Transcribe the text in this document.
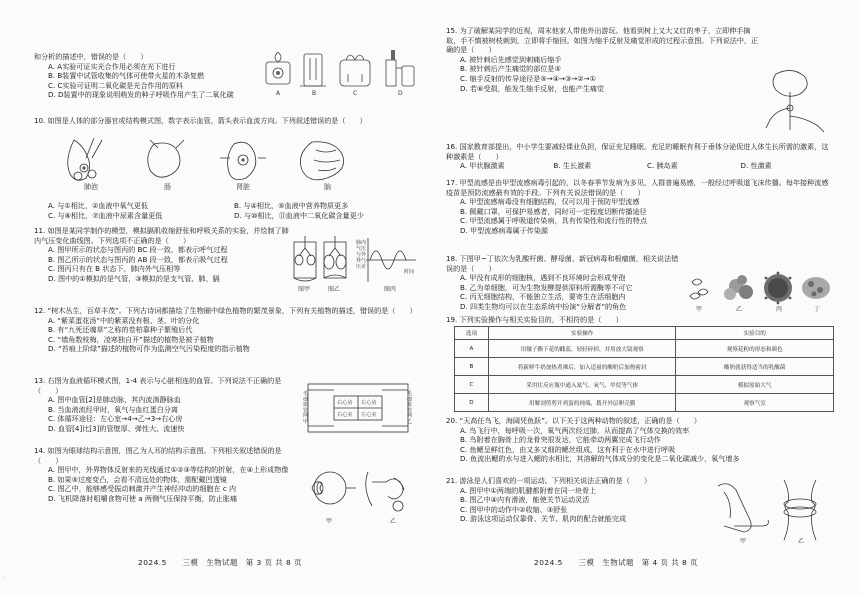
和分析的描述中，错误的是（　　）
A. A实验可证实光合作用必须在光下进行
B. B装置中试管收集的气体可使带火星的木条复燃
C. C实验可证明二氧化碳是光合作用的原料
D. D装置中的现象说明萌发的种子呼吸作用产生了二氧化碳	A	B	C	D
10. 如图是人体的部分器官或结构模式图，数字表示血管，箭头表示血流方向。下列叙述错误的是（　　）
肺泡	肠	肾脏	脑
A. 与①相比，②血液中氧气更低	B. 与④相比，⑤血液中营养物质更多
C. 与⑧相比，⑦血液中尿素含量更低	D. 与⑩相比，⑪血液中二氧化碳含量更少
11. 如图是某同学制作的模型，模拟膈肌收缩舒张和呼吸关系的实验，并绘制了肺内气压变化曲线图。下列选项不正确的是（　　）
A. 图甲所示的状态与图丙的 BC 段一致，都表示呼气过程
B. 图乙所示的状态与图丙的 AB 段一致，都表示吸气过程
C. 图丙只有在 B 状态下，肺内外气压相等
D. 图中的①模拟的是气管，③模拟的是支气管、肺、膈
肺内气压与外界气压差
时间
图甲	图乙	图丙
12. “树木丛生，百草丰茂”。下列古诗词都描绘了生物圈中绿色植物的繁茂景象，下列有关植物的描述，错误的是（　　）
A. “紫菜蛋花汤”中的紫菜没有根、茎、叶的分化
B. 有“九死还魂草”之称的卷柏靠种子繁殖后代
C. “墙角数枝梅，凌寒独自开”描述的植物是被子植物
D. “苔痕上阶绿”描述的植物可作为监测空气污染程度的指示植物
13. 右图为血液循环模式图，1-4 表示与心脏相连的血管。下列说法不正确的是（　　）
A. 图中血管[2]是肺动脉，其内流淌静脉血
B. 当血液流经甲时，氧气与血红蛋白分离
C. 体循环途径：左心室→4→乙→3→右心房
D. 血管[4]比[3]的管壁厚、弹性大、流速快
毛细血管网甲
毛细血管网乙
右心房 左心房
右心室 左心室
14. 如图为眼球结构示意图，图乙为人耳的结构示意图。下列相关叙述错误的是（　　）
A. 图甲中，外界物体反射来的光线通过①②③等结构的折射，在④上形成物像
B. 如果⑤过度变凸，会看不清远处的物体，需配戴凹透镜
C. 图乙中，能够感受振动刺激并产生神经冲动的细胞在 c 内
D. 飞机降落时咀嚼食物可使 a 两侧气压保持平衡，防止胀痛
甲	乙
2024.5　　三模　生物试题　第 3 页 共 8 页
15. 为了破解某同学的近视，周末他家人带他外出游玩。他看到树上又大又红的枣子，立即伸手摘取，手不慎被树枝刺到，立即将手缩回。如图为缩手反射及痛觉形成的过程示意图。下列说法中，正确的是（　　）
A. 被针刺后先感觉到刺痛后缩手
B. 被针刺后产生痛觉的部位是⑤
C. 缩手反射的传导途径是⑤→④→③→②→①
D. 若⑥受损，能发生缩手反射，也能产生痛觉
16. 国家教育部提出，中小学生要减轻课业负担，保证充足睡眠。充足的睡眠有利于垂体分泌促进人体生长所需的激素，这种激素是（　　）
A. 甲状腺激素	B. 生长激素	C. 胰岛素	D. 性激素
17. 甲型流感是由甲型流感病毒引起的，以冬春季节发病为多见，人群普遍易感，一般经过呼吸道飞沫传播。每年接种流感疫苗是预防流感最有效的手段。下列有关说法错误的是（　　）
A. 甲型流感病毒没有细胞结构，仅可以用于预防甲型流感
B. 佩戴口罩，可保护易感者，同时可一定程度切断传播途径
C. 甲型流感属于呼吸道传染病，具有传染性和流行性的特点
D. 甲型流感病毒属于传染源
18. 下图甲~丁依次为乳酸杆菌、酵母菌、新冠病毒和根瘤菌，相关说法错误的是（　　）
A. 甲没有成形的细胞核，遇到不良环境时会形成芽孢
B. 乙为单细胞，可为生物发酵提供原料所需酶等不可它
C. 丙无细胞结构，不能独立生活，要寄生在活细胞内
D. 四类生物均可以在生态系统中扮演“分解者”的角色	甲	乙	丙	丁
19. 下列实验操作与相关实验目的，不相符的是（　　）
选项	实验操作	实验目的
A	用镊子撕下花的雌蕊，轻轻碎掉，并用放大镜观察	观察花粉的形态和颜色
B	将新鲜牛奶加热煮沸后，加入适量的酸奶后加热密封	酸奶就获得适当的乳酸菌
C	采用往反应瓶中通入氮气、氧气、甲烷等气体	模拟原始大气
D	用解剖剪剪开鸡蛋的钝端，拨开外层卵壳膜	观察气室
20. “天高任鸟飞，海阔凭鱼跃”。以下关于这两种动物的叙述，正确的是（　　）
A. 鸟飞行中，每呼吸一次，氧气两次经过肺，从而提高了气体交换的效率
B. 鸟附着在胸骨上的龙骨突很发达，它能牵动两翼完成飞行动作
C. 鱼鳃呈鲜红色，由又多又细的鳃丝组成，这有利于在水中进行呼吸
D. 鱼流出鳃的水与进入鳃的水相比，其溶解的气体成分的变化是二氧化碳减少，氧气增多
21. 游泳是人们喜欢的一项运动。下列相关说法正确的是（　　）
A. 图甲中①两端的肌腱都附着在同一块骨上
B. 图乙中④内有滑液，能使关节运动灵活
C. 图甲中的动作中②收缩、③舒张
D. 游泳这项运动仅靠骨、关节、肌肉的配合就能完成
甲	乙
2024.5　　三模　生物试题　第 4 页 共 8 页
·
